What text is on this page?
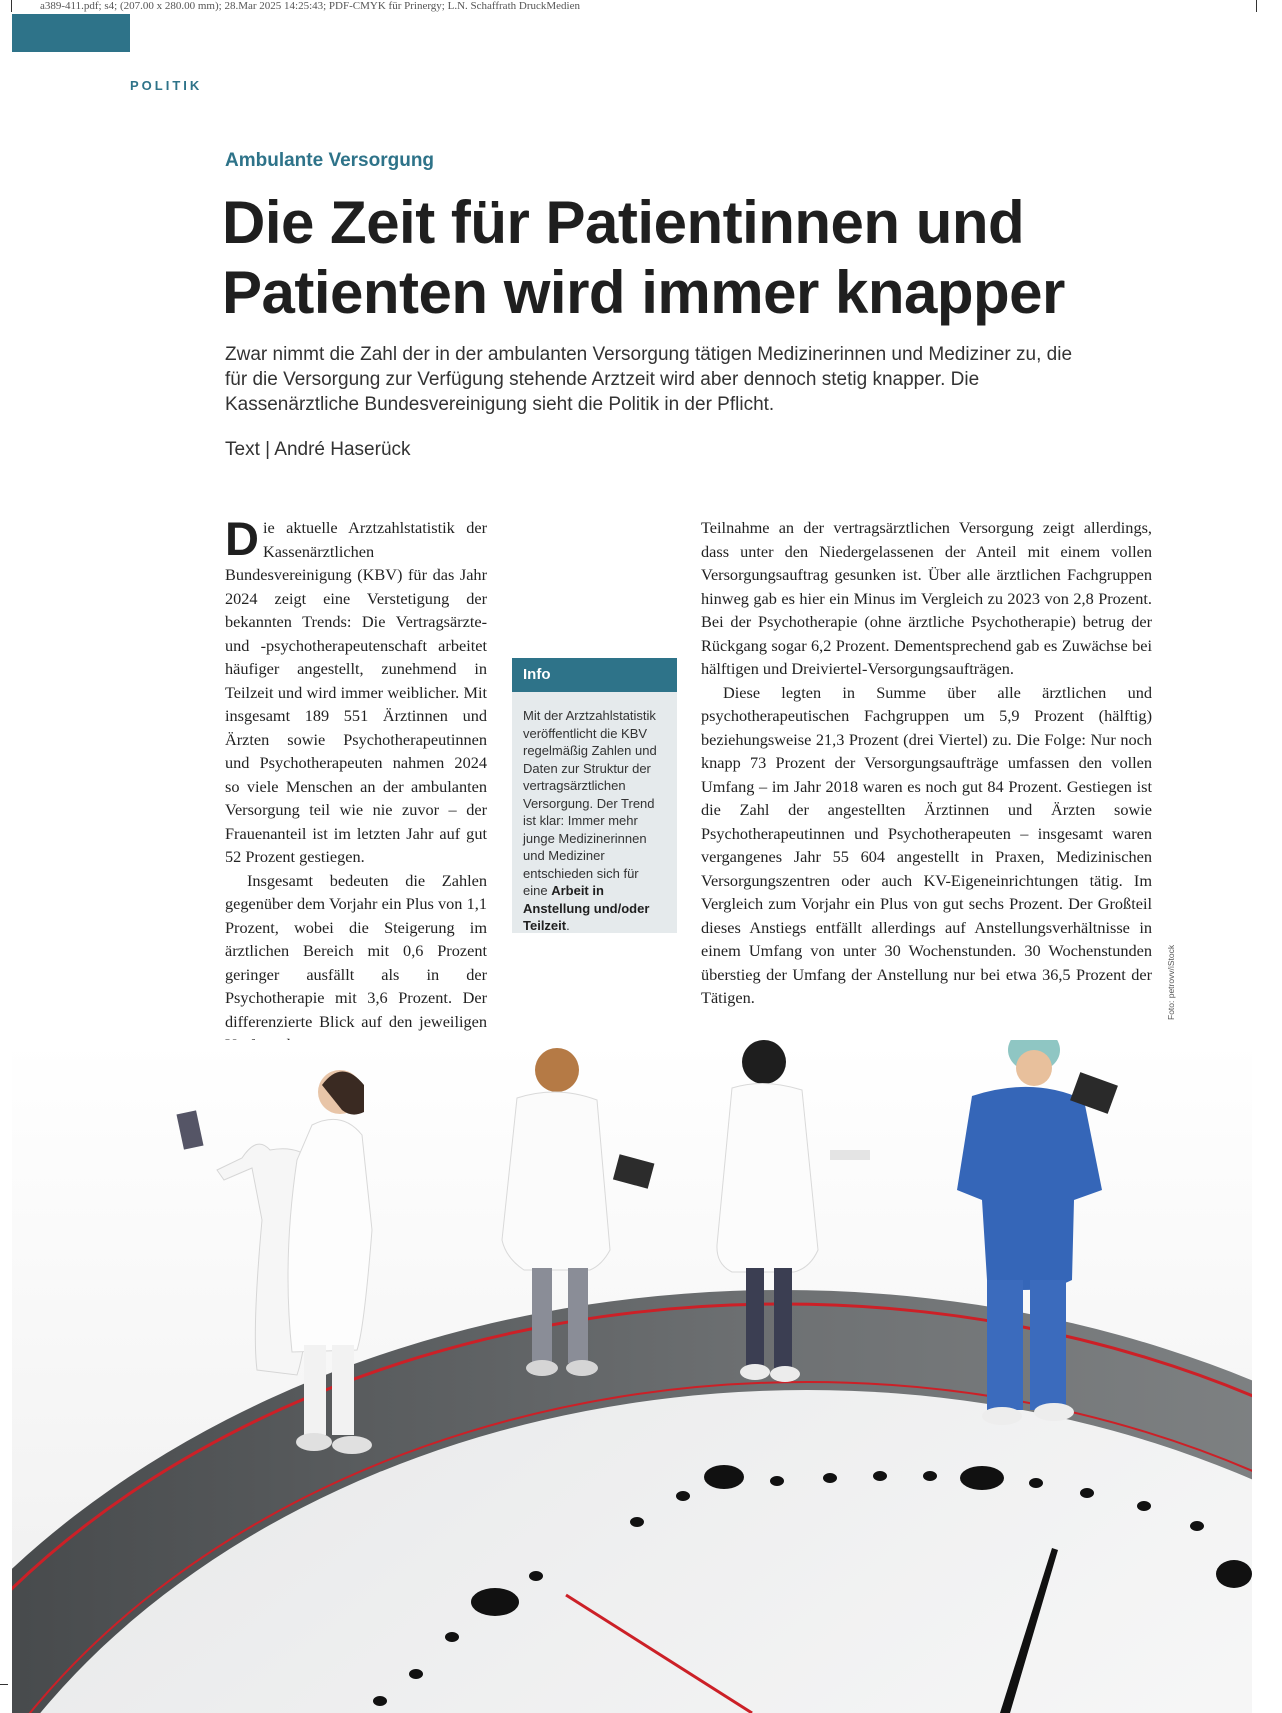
a389-411.pdf; s4; (207.00 x 280.00 mm); 28.Mar 2025 14:25:43; PDF-CMYK für Prinergy; L.N. Schaffrath DruckMedien
POLITIK
Ambulante Versorgung
Die Zeit für Patientinnen und
Patienten wird immer knapper

Zwar nimmt die Zahl der in der ambulanten Versorgung tätigen Medizinerinnen und Mediziner zu, die für die Versorgung zur Verfügung stehende Arztzeit wird aber dennoch stetig knapper. Die Kassenärztliche Bundesvereinigung sieht die Politik in der Pflicht.

Text | André Haserück

Die aktuelle Arztzahlstatistik der Kassenärztlichen Bundesvereinigung (KBV) für das Jahr 2024 zeigt eine Verstetigung der bekannten Trends: Die Vertragsärzte- und -psychotherapeutenschaft arbeitet häufiger angestellt, zunehmend in Teilzeit und wird immer weiblicher. Mit insgesamt 189 551 Ärztinnen und Ärzten sowie Psychotherapeutinnen und Psychotherapeuten nahmen 2024 so viele Menschen an der ambulanten Versorgung teil wie nie zuvor – der Frauenanteil ist im letzten Jahr auf gut 52 Prozent gestiegen.

Insgesamt bedeuten die Zahlen gegenüber dem Vorjahr ein Plus von 1,1 Prozent, wobei die Steigerung im ärztlichen Bereich mit 0,6 Prozent geringer ausfällt als in der Psychotherapie mit 3,6 Prozent. Der differenzierte Blick auf den jeweiligen

Info
Mit der Arztzahlstatistik veröffentlicht die KBV regelmäßig Zahlen und Daten zur Struktur der vertragsärztlichen Versorgung. Der Trend ist klar: Immer mehr junge Medizinerinnen und Mediziner entschieden sich für eine Arbeit in Anstellung und/oder Teilzeit.

Teilnahme an der vertragsärztlichen Versorgung zeigt allerdings, dass unter den Niedergelassenen der Anteil mit einem vollen Versorgungsauftrag gesunken ist. Über alle ärztlichen Fachgruppen hinweg gab es hier ein Minus im Vergleich zu 2023 von 2,8 Prozent. Bei der Psychotherapie (ohne ärztliche Psychotherapie) betrug der Rückgang sogar 6,2 Prozent. Dementsprechend gab es Zuwächse bei hälftigen und Dreiviertel-Versorgungsaufträgen.

Diese legten in Summe über alle ärztlichen und psychotherapeutischen Fachgruppen um 5,9 Prozent (hälftig) beziehungsweise 21,3 Prozent (drei Viertel) zu. Die Folge: Nur noch knapp 73 Prozent der Versorgungsaufträge umfassen den vollen Umfang – im Jahr 2018 waren es noch gut 84 Prozent. Gestiegen ist die Zahl der angestellten Ärztinnen und Ärzten sowie Psychotherapeutinnen und Psychotherapeuten – insgesamt waren vergangenes Jahr 55 604 angestellt in Praxen, Medizinischen Versorgungszentren oder auch KV-Eigeneinrichtungen tätig. Im Vergleich zum Vorjahr ein Plus von gut sechs Prozent. Der Großteil dieses Anstiegs entfällt allerdings auf Anstellungsverhältnisse in einem Umfang von unter 30 Wochenstunden. 30 Wochenstunden überstieg der Umfang der Anstellung nur bei etwa 36,5 Prozent der Tätigen.	Foto: petrovv/iStock
